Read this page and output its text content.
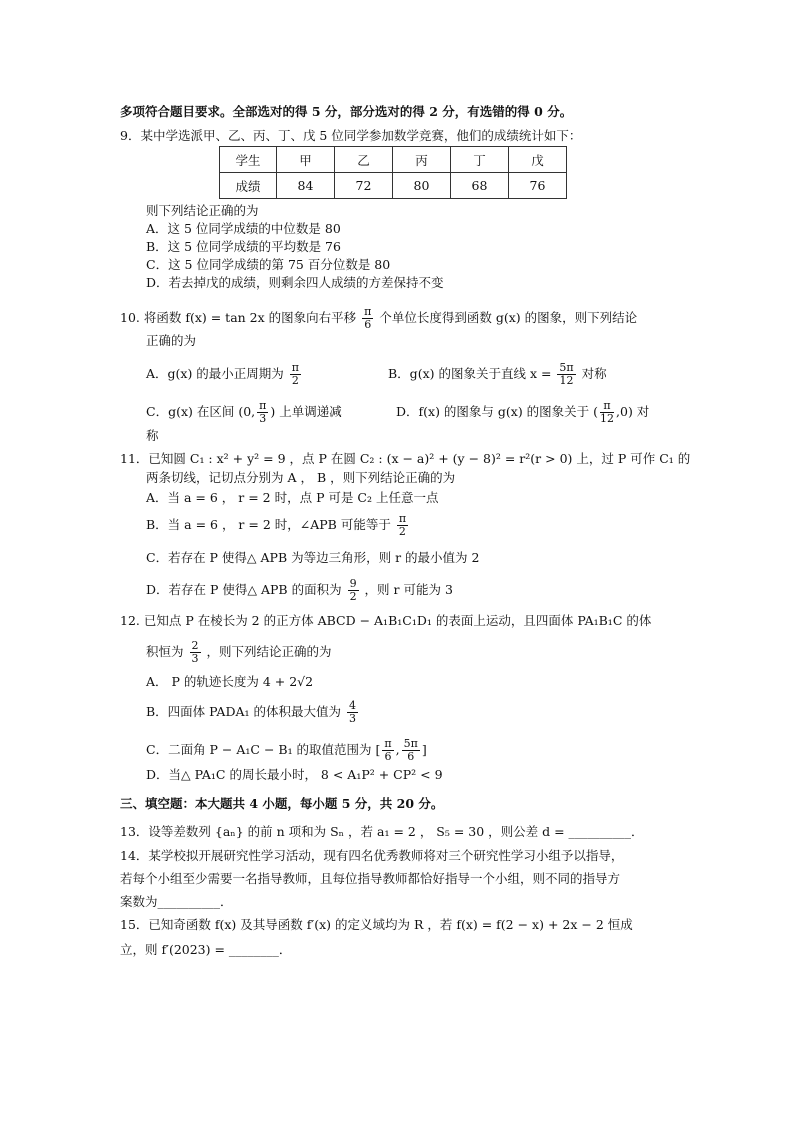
多项符合题目要求。全部选对的得 5 分，部分选对的得 2 分，有选错的得 0 分。
9．某中学选派甲、乙、丙、丁、戊 5 位同学参加数学竞赛，他们的成绩统计如下：
学生	甲	乙	丙	丁	戊
成绩	84	72	80	68	76
则下列结论正确的为
A．这 5 位同学成绩的中位数是 80
B．这 5 位同学成绩的平均数是 76
C．这 5 位同学成绩的第 75 百分位数是 80
D．若去掉戊的成绩，则剩余四人成绩的方差保持不变
10. 将函数 f(x) = tan 2x 的图象向右平移 $\frac{\pi}{6}$ 个单位长度得到函数 g(x) 的图象，则下列结论
正确的为
A．g(x) 的最小正周期为 $\frac{\pi}{2}$	B．g(x) 的图象关于直线 $x = \frac{5\pi}{12}$ 对称
C．g(x) 在区间 (0, $\frac{\pi}{3}$ ) 上单调递减	D．f(x) 的图象与 g(x) 的图象关于 ( $\frac{\pi}{12} ,0$) 对
称
11．已知圆 C₁ : x² + y² = 9 ，点 P 在圆 C₂ : (x − a)² + (y − 8)² = r²(r > 0) 上，过 P 可作 C₁ 的
两条切线，记切点分别为 A ， B ，则下列结论正确的为
A．当 a = 6 ， r = 2 时，点 P 可是 C₂ 上任意一点
B．当 a = 6 ， r = 2 时，∠APB 可能等于 $\frac{\pi}{2}$
C．若存在 P 使得△ APB 为等边三角形，则 r 的最小值为 2
D．若存在 P 使得△ APB 的面积为 $\frac{9}{2}$ ，则 r 可能为 3
12. 已知点 P 在棱长为 2 的正方体 ABCD − A₁B₁C₁D₁ 的表面上运动，且四面体 PA₁B₁C 的体
积恒为 $\frac{2}{3}$ ，则下列结论正确的为
A． P 的轨迹长度为 4 + 2√2
B．四面体 PADA₁ 的体积最大值为 $\frac{4}{3}$
C．二面角 P − A₁C − B₁ 的取值范围为 [ $\frac{\pi}{6}$ , $\frac{5\pi}{6}$ ]
D．当△ PA₁C 的周长最小时， 8 < A₁P² + CP² < 9
三、填空题：本大题共 4 小题，每小题 5 分，共 20 分。
13．设等差数列 {aₙ} 的前 n 项和为 Sₙ ，若 a₁ = 2 ， S₅ = 30 ，则公差 d = __________．
14．某学校拟开展研究性学习活动，现有四名优秀教师将对三个研究性学习小组予以指导，
若每个小组至少需要一名指导教师，且每位指导教师都恰好指导一个小组，则不同的指导方
案数为__________．
15．已知奇函数 f(x) 及其导函数 f′(x) 的定义域均为 R ，若 f(x) = f(2 − x) + 2x − 2 恒成
立，则 f′(2023) = ________．
